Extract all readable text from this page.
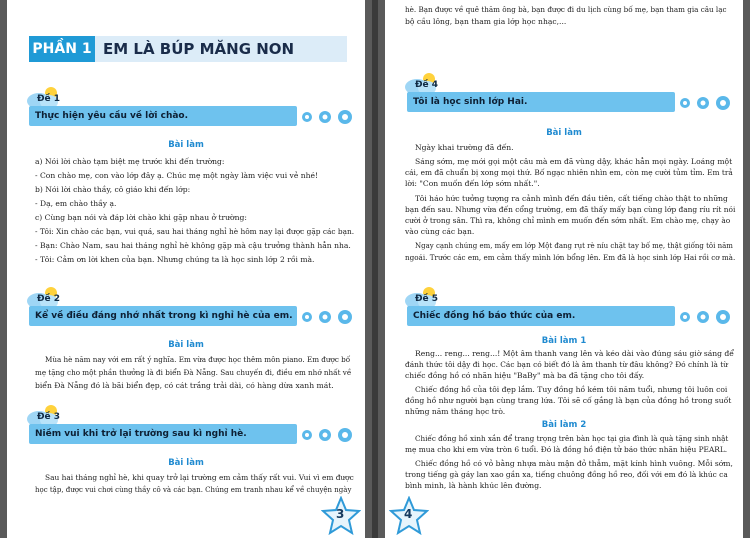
PHẦN 1 EM LÀ BÚP MĂNG NON
Đề 1
Thực hiện yêu cầu về lời chào.
Bài làm
a) Nói lời chào tạm biệt mẹ trước khi đến trường:
- Con chào mẹ, con vào lớp đây ạ. Chúc mẹ một ngày làm việc vui vẻ nhé!
b) Nói lời chào thầy, cô giáo khi đến lớp:
- Dạ, em chào thầy ạ.
c) Cùng bạn nói và đáp lời chào khi gặp nhau ở trường:
- Tôi: Xin chào các bạn, vui quá, sau hai tháng nghỉ hè hôm nay lại được gặp các bạn.
- Bạn: Chào Nam, sau hai tháng nghỉ hè không gặp mà cậu trưởng thành hẳn nha.
- Tôi: Cảm ơn lời khen của bạn. Nhưng chúng ta là học sinh lớp 2 rồi mà.
Đề 2
Kể về điều đáng nhớ nhất trong kì nghỉ hè của em.
Bài làm
Mùa hè năm nay với em rất ý nghĩa. Em vừa được học thêm môn piano. Em được bố
mẹ tặng cho một phần thưởng là đi biển Đà Nẵng. Sau chuyến đi, điều em nhớ nhất về
biển Đà Nẵng đó là bãi biển đẹp, có cát trắng trải dài, có hàng dừa xanh mát.
Đề 3
Niềm vui khi trở lại trường sau kì nghỉ hè.
Bài làm
Sau hai tháng nghỉ hè, khi quay trở lại trường em cảm thấy rất vui. Vui vì em được
học tập, được vui chơi cùng thầy cô và các bạn. Chúng em tranh nhau kể về chuyện ngày
3
hè. Bạn được về quê thăm ông bà, bạn được đi du lịch cùng bố mẹ, bạn tham gia câu lạc
bộ cầu lông, bạn tham gia lớp học nhạc,...
Đề 4
Tôi là học sinh lớp Hai.
Bài làm
Ngày khai trường đã đến.
Sáng sớm, mẹ mới gọi một câu mà em đã vùng dậy, khác hẳn mọi ngày. Loáng một
cái, em đã chuẩn bị xong mọi thứ. Bố ngạc nhiên nhìn em, còn mẹ cười tủm tỉm. Em trả
lời: "Con muốn đến lớp sớm nhất.".
Tôi háo hức tưởng tượng ra cảnh mình đến đầu tiên, cất tiếng chào thật to những
bạn đến sau. Nhưng vừa đến cổng trường, em đã thấy mấy bạn cùng lớp đang ríu rít nói
cười ở trong sân. Thì ra, không chỉ mình em muốn đến sớm nhất. Em chào mẹ, chạy ào
vào cùng các bạn.
Ngay cạnh chúng em, mấy em lớp Một đang rụt rè níu chặt tay bố mẹ, thật giống tôi năm
ngoái. Trước các em, em cảm thấy mình lớn bổng lên. Em đã là học sinh lớp Hai rồi cơ mà.
Đề 5
Chiếc đồng hồ báo thức của em.
Bài làm 1
Reng... reng... reng...! Một âm thanh vang lên và kéo dài vào đúng sáu giờ sáng để
đánh thức tôi dậy đi học. Các bạn có biết đó là âm thanh từ đâu không? Đó chính là từ
chiếc đồng hồ có nhãn hiệu "BaBy" mà ba đã tặng cho tôi đấy.
Chiếc đồng hồ của tôi đẹp lắm. Tuy đồng hồ kém tôi năm tuổi, nhưng tôi luôn coi
đồng hồ như người bạn cùng trang lứa. Tôi sẽ cố gắng là bạn của đồng hồ trong suốt
những năm tháng học trò.
Bài làm 2
Chiếc đồng hồ xinh xắn để trang trọng trên bàn học tại gia đình là quà tặng sinh nhật
mẹ mua cho khi em vừa tròn 6 tuổi. Đó là đồng hồ điện tử báo thức nhãn hiệu PEARL.
Chiếc đồng hồ có vỏ bằng nhựa màu mận đỏ thẫm, mặt kính hình vuông. Mỗi sớm,
trong tiếng gà gáy lan xao gần xa, tiếng chuông đồng hồ reo, đối với em đó là khúc ca
bình minh, là hành khúc lên đường.
4
